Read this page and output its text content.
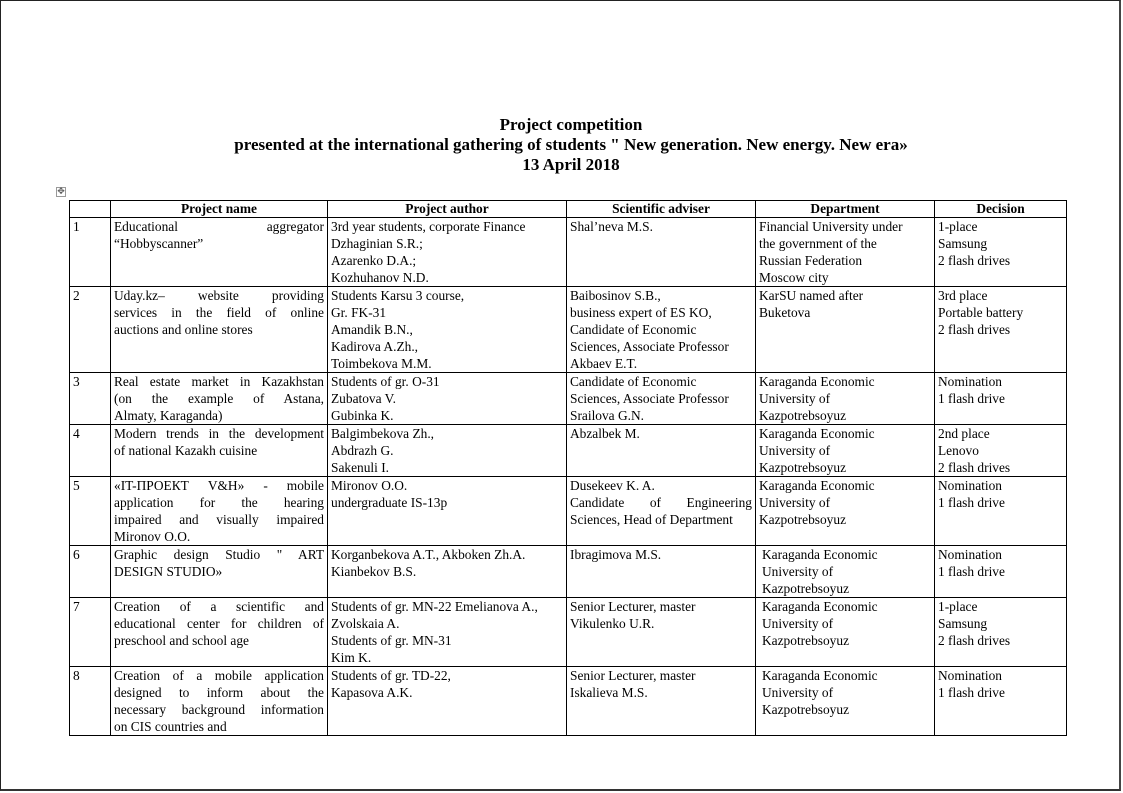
Project competition
presented at the international gathering of students " New generation. New energy. New era»
13 April 2018
✥
	Project name	Project author	Scientific adviser	Department	Decision
1	Educational aggregator
“Hobbyscanner”	3rd year students, corporate Finance
Dzhaginian S.R.;
Azarenko D.A.;
Kozhuhanov N.D.	Shal’neva M.S.	Financial University under
the government of the
Russian Federation
Moscow city	1-place
Samsung
2 flash drives

2	Uday.kz– website providing
services in the field of online
auctions and online stores	Students Karsu 3 course,
Gr. FK-31
Amandik B.N.,
Kadirova A.Zh.,
Toimbekova M.M.	Baibosinov S.B.,
business expert of ES KO,
Candidate of Economic
Sciences, Associate Professor
Akbaev E.T.	KarSU named after
Buketova	3rd place
Portable battery
2 flash drives

3	Real estate market in Kazakhstan
(on the example of Astana,
Almaty, Karaganda)	Students of gr. O-31
Zubatova V.
Gubinka K.	Candidate of Economic
Sciences, Associate Professor
Srailova G.N.	Karaganda Economic
University of
Kazpotrebsoyuz	Nomination
1 flash drive

4	Modern trends in the development
of national Kazakh cuisine	Balgimbekova Zh.,
Abdrazh G.
Sakenuli I.	Abzalbek M.	Karaganda Economic
University of
Kazpotrebsoyuz	2nd place
Lenovo
2 flash drives

5	«IT-ПРОЕКТ V&H» - mobile
application for the hearing
impaired and visually impaired
Mironov O.O.	Mironov O.O.
undergraduate IS-13p	Dusekeev K. A.
Candidate of Engineering
Sciences, Head of Department	Karaganda Economic
University of
Kazpotrebsoyuz	Nomination
1 flash drive

6	Graphic design Studio " ART
DESIGN STUDIO»	Korganbekova A.T., Akboken Zh.A.
Kianbekov B.S.	Ibragimova M.S.	Karaganda Economic
University of
Kazpotrebsoyuz	Nomination
1 flash drive

7	Creation of a scientific and
educational center for children of
preschool and school age	Students of gr. MN-22 Emelianova A.,
Zvolskaia A.
Students of gr. MN-31
Kim K.	Senior Lecturer, master
Vikulenko U.R.	Karaganda Economic
University of
Kazpotrebsoyuz	1-place
Samsung
2 flash drives

8	Creation of a mobile application
designed to inform about the
necessary background information
on CIS countries and	Students of gr. TD-22,
Kapasova A.K.	Senior Lecturer, master
Iskalieva M.S.	Karaganda Economic
University of
Kazpotrebsoyuz	Nomination
1 flash drive
